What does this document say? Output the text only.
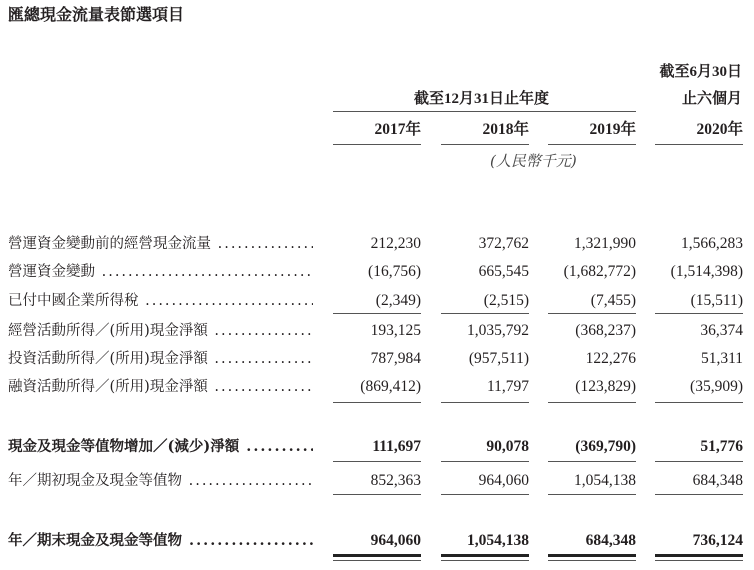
匯總現金流量表節選項目
截至6月30日
截至12月31日止年度	止六個月
2017年	2018年	2019年	2020年
(人民幣千元)
營運資金變動前的經營現金流量 .....	212,230	372,762	1,321,990	1,566,283
營運資金變動 .....	(16,756)	665,545	(1,682,772)	(1,514,398)
已付中國企業所得稅 .....	(2,349)	(2,515)	(7,455)	(15,511)
經營活動所得／(所用)現金淨額 .....	193,125	1,035,792	(368,237)	36,374
投資活動所得／(所用)現金淨額 .....	787,984	(957,511)	122,276	51,311
融資活動所得／(所用)現金淨額 .....	(869,412)	11,797	(123,829)	(35,909)
現金及現金等值物增加／(減少)淨額 .....	111,697	90,078	(369,790)	51,776
年／期初現金及現金等值物 .....	852,363	964,060	1,054,138	684,348
年／期末現金及現金等值物 .....	964,060	1,054,138	684,348	736,124
